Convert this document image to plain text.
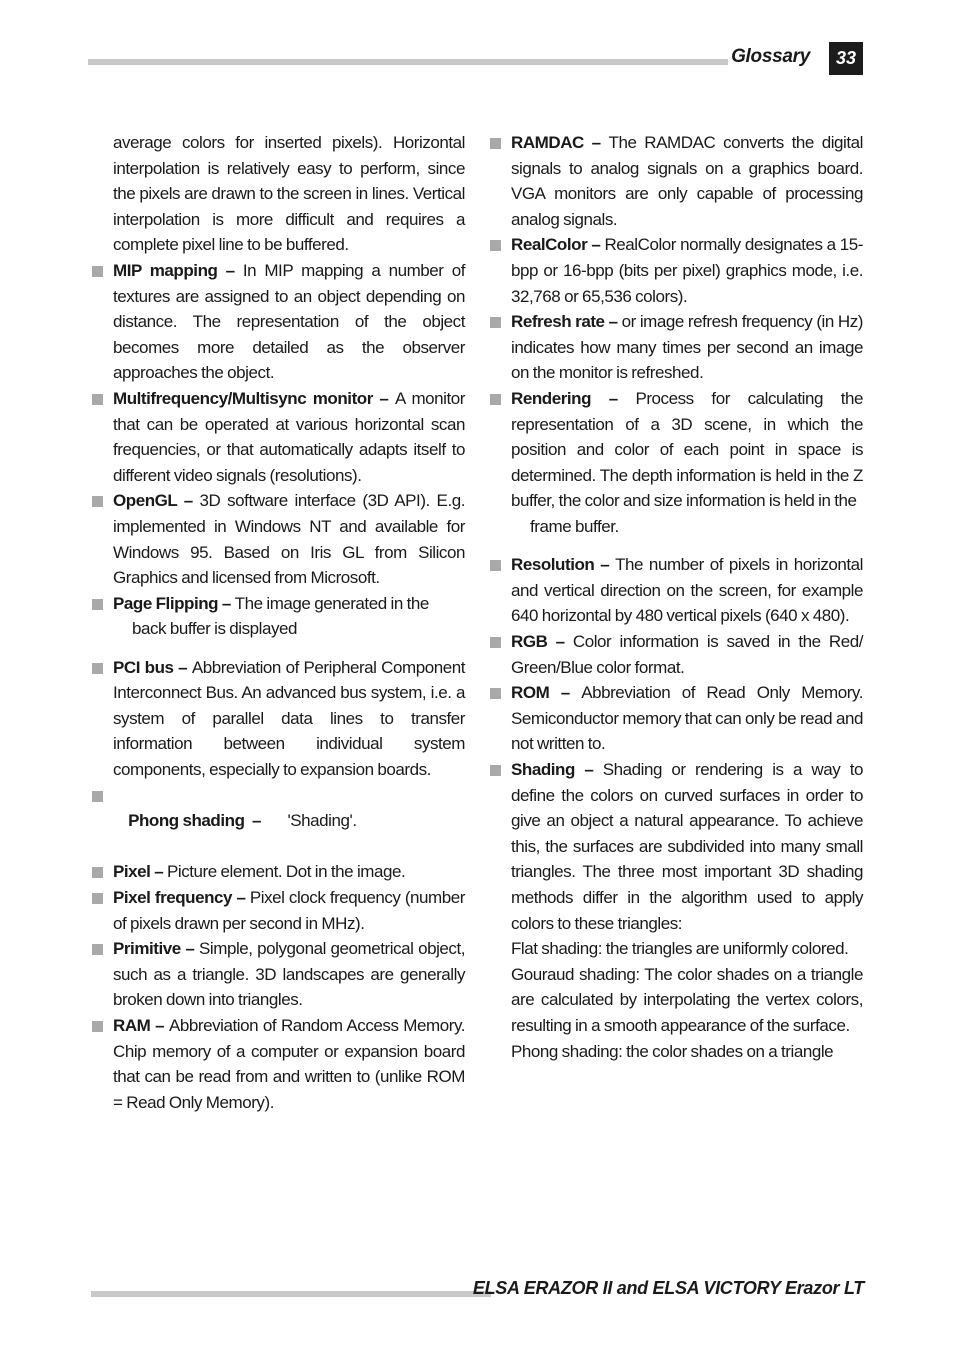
Glossary	33

average colors for inserted pixels). Horizontal interpolation is relatively easy to perform, since the pixels are drawn to the screen in lines. Vertical interpolation is more difficult and requires a complete pixel line to be buffered.

MIP mapping – In MIP mapping a number of textures are assigned to an object depending on distance. The representation of the object becomes more detailed as the observer approaches the object.

Multifrequency/Multisync monitor – A monitor that can be operated at various horizontal scan frequencies, or that automatically adapts itself to different video signals (resolutions).

OpenGL – 3D software interface (3D API). E.g. implemented in Windows NT and available for Windows 95. Based on Iris GL from Silicon Graphics and licensed from Microsoft.

Page Flipping – The image generated in the

back buffer is displayed

PCI bus – Abbreviation of Peripheral Component Interconnect Bus. An advanced bus system, i.e. a system of parallel data lines to transfer information between individual system components, especially to expansion boards.

Phong shading  –       'Shading'.

Pixel – Picture element. Dot in the image.

Pixel frequency – Pixel clock frequency (number of pixels drawn per second in MHz).

Primitive – Simple, polygonal geometrical object, such as a triangle. 3D landscapes are generally broken down into triangles.

RAM – Abbreviation of Random Access Memory. Chip memory of a computer or expansion board that can be read from and written to (unlike ROM = Read Only Memory).

RAMDAC – The RAMDAC converts the digital signals to analog signals on a graphics board. VGA monitors are only capable of processing analog signals.

RealColor – RealColor normally designates a 15-bpp or 16-bpp (bits per pixel) graphics mode, i.e. 32,768 or 65,536 colors).

Refresh rate – or image refresh frequency (in Hz) indicates how many times per second an image on the monitor is refreshed.

Rendering – Process for calculating the representation of a 3D scene, in which the position and color of each point in space is determined. The depth information is held in the Z buffer, the color and size information is held in the

frame buffer.

Resolution – The number of pixels in horizontal and vertical direction on the screen, for example 640 horizontal by 480 vertical pixels (640 x 480).

RGB – Color information is saved in the Red/ Green/Blue color format.

ROM – Abbreviation of Read Only Memory. Semiconductor memory that can only be read and not written to.

Shading – Shading or rendering is a way to define the colors on curved surfaces in order to give an object a natural appearance. To achieve this, the surfaces are subdivided into many small triangles. The three most important 3D shading methods differ in the algorithm used to apply colors to these triangles:

Flat shading: the triangles are uniformly colored.

Gouraud shading: The color shades on a triangle are calculated by interpolating the vertex colors, resulting in a smooth appearance of the surface.

Phong shading: the color shades on a triangle

ELSA ERAZOR II and ELSA VICTORY Erazor LT
